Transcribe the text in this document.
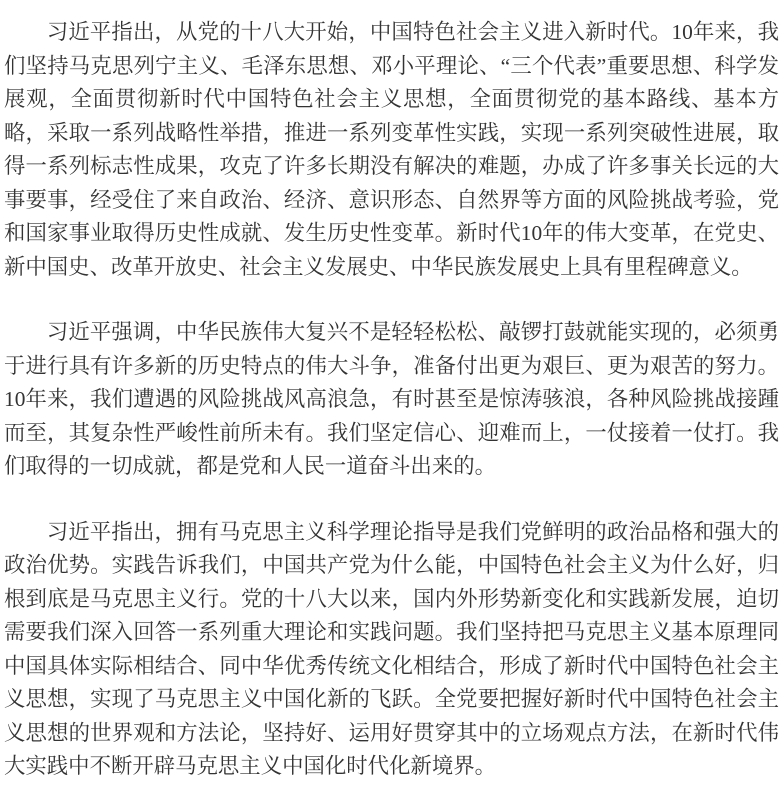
习近平指出，从党的十八大开始，中国特色社会主义进入新时代。10年来，我们坚持马克思列宁主义、毛泽东思想、邓小平理论、“三个代表”重要思想、科学发展观，全面贯彻新时代中国特色社会主义思想，全面贯彻党的基本路线、基本方略，采取一系列战略性举措，推进一系列变革性实践，实现一系列突破性进展，取得一系列标志性成果，攻克了许多长期没有解决的难题，办成了许多事关长远的大事要事，经受住了来自政治、经济、意识形态、自然界等方面的风险挑战考验，党和国家事业取得历史性成就、发生历史性变革。新时代10年的伟大变革，在党史、新中国史、改革开放史、社会主义发展史、中华民族发展史上具有里程碑意义。

习近平强调，中华民族伟大复兴不是轻轻松松、敲锣打鼓就能实现的，必须勇于进行具有许多新的历史特点的伟大斗争，准备付出更为艰巨、更为艰苦的努力。10年来，我们遭遇的风险挑战风高浪急，有时甚至是惊涛骇浪，各种风险挑战接踵而至，其复杂性严峻性前所未有。我们坚定信心、迎难而上，一仗接着一仗打。我们取得的一切成就，都是党和人民一道奋斗出来的。

习近平指出，拥有马克思主义科学理论指导是我们党鲜明的政治品格和强大的政治优势。实践告诉我们，中国共产党为什么能，中国特色社会主义为什么好，归根到底是马克思主义行。党的十八大以来，国内外形势新变化和实践新发展，迫切需要我们深入回答一系列重大理论和实践问题。我们坚持把马克思主义基本原理同中国具体实际相结合、同中华优秀传统文化相结合，形成了新时代中国特色社会主义思想，实现了马克思主义中国化新的飞跃。全党要把握好新时代中国特色社会主义思想的世界观和方法论，坚持好、运用好贯穿其中的立场观点方法，在新时代伟大实践中不断开辟马克思主义中国化时代化新境界。
